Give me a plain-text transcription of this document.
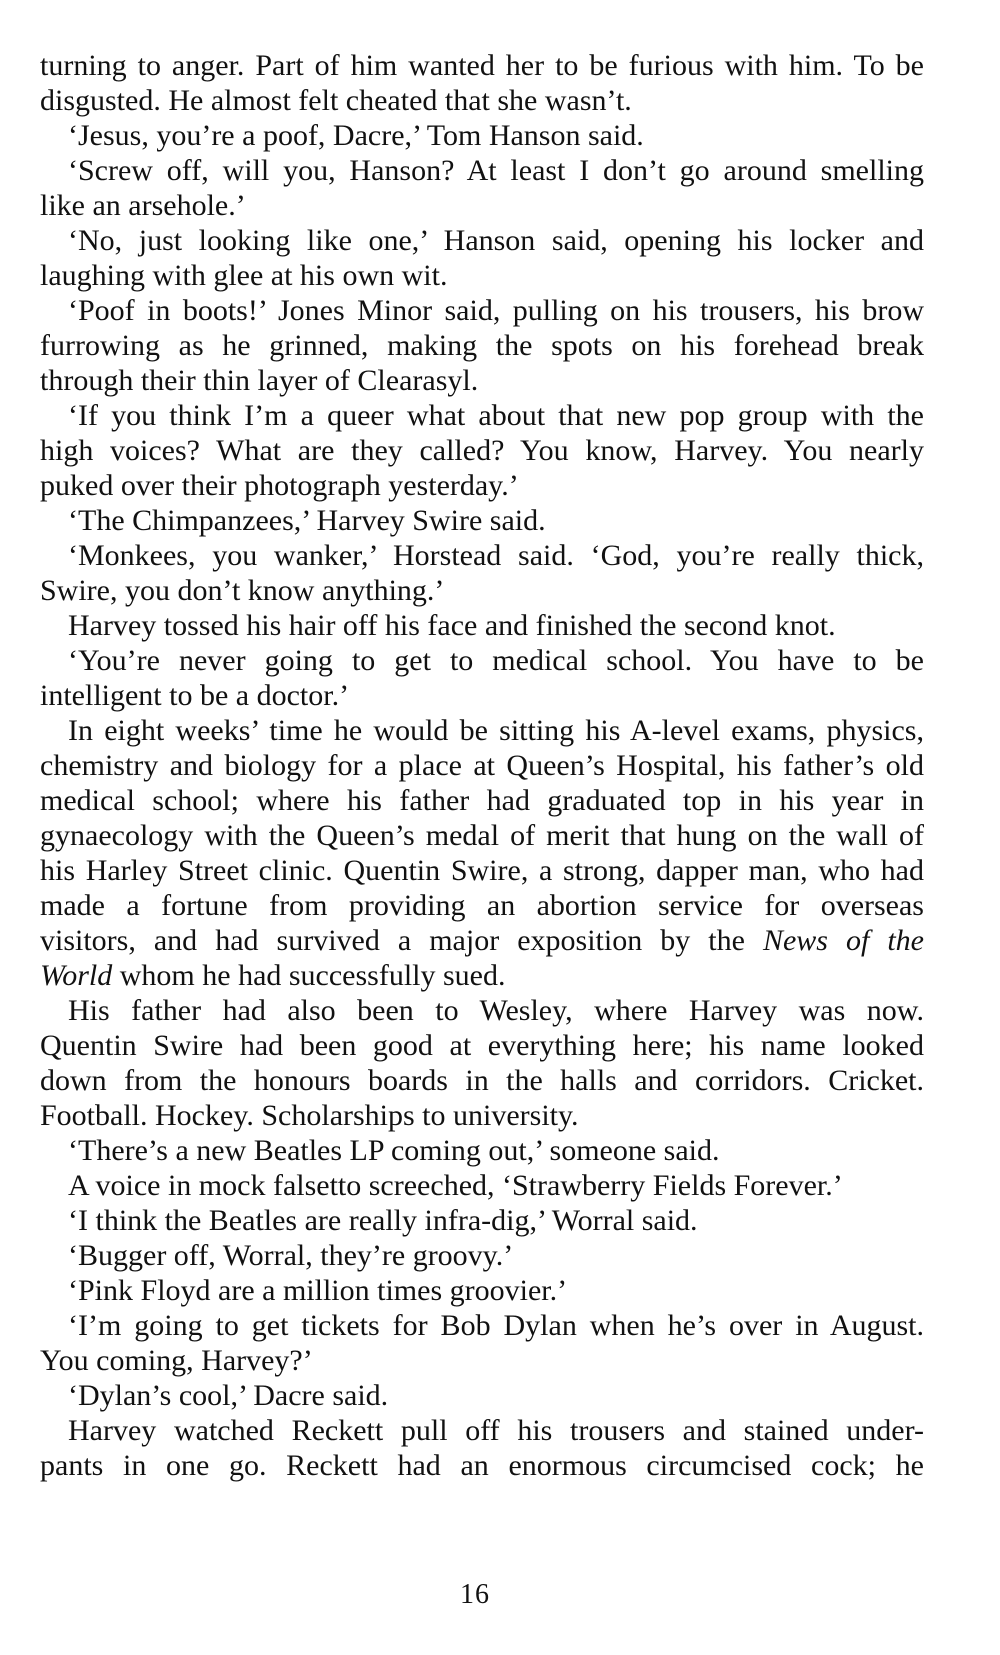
turning to anger. Part of him wanted her to be furious with him. To be
disgusted. He almost felt cheated that she wasn’t.
‘Jesus, you’re a poof, Dacre,’ Tom Hanson said.
‘Screw off, will you, Hanson? At least I don’t go around smelling
like an arsehole.’
‘No, just looking like one,’ Hanson said, opening his locker and
laughing with glee at his own wit.
‘Poof in boots!’ Jones Minor said, pulling on his trousers, his brow
furrowing as he grinned, making the spots on his forehead break
through their thin layer of Clearasyl.
‘If you think I’m a queer what about that new pop group with the
high voices? What are they called? You know, Harvey. You nearly
puked over their photograph yesterday.’
‘The Chimpanzees,’ Harvey Swire said.
‘Monkees, you wanker,’ Horstead said. ‘God, you’re really thick,
Swire, you don’t know anything.’
Harvey tossed his hair off his face and finished the second knot.
‘You’re never going to get to medical school. You have to be
intelligent to be a doctor.’
In eight weeks’ time he would be sitting his A-level exams, physics,
chemistry and biology for a place at Queen’s Hospital, his father’s old
medical school; where his father had graduated top in his year in
gynaecology with the Queen’s medal of merit that hung on the wall of
his Harley Street clinic. Quentin Swire, a strong, dapper man, who had
made a fortune from providing an abortion service for overseas
visitors, and had survived a major exposition by the News of the
World whom he had successfully sued.
His father had also been to Wesley, where Harvey was now.
Quentin Swire had been good at everything here; his name looked
down from the honours boards in the halls and corridors. Cricket.
Football. Hockey. Scholarships to university.
‘There’s a new Beatles LP coming out,’ someone said.
A voice in mock falsetto screeched, ‘Strawberry Fields Forever.’
‘I think the Beatles are really infra-dig,’ Worral said.
‘Bugger off, Worral, they’re groovy.’
‘Pink Floyd are a million times groovier.’
‘I’m going to get tickets for Bob Dylan when he’s over in August.
You coming, Harvey?’
‘Dylan’s cool,’ Dacre said.
Harvey watched Reckett pull off his trousers and stained under-
pants in one go. Reckett had an enormous circumcised cock; he
16
